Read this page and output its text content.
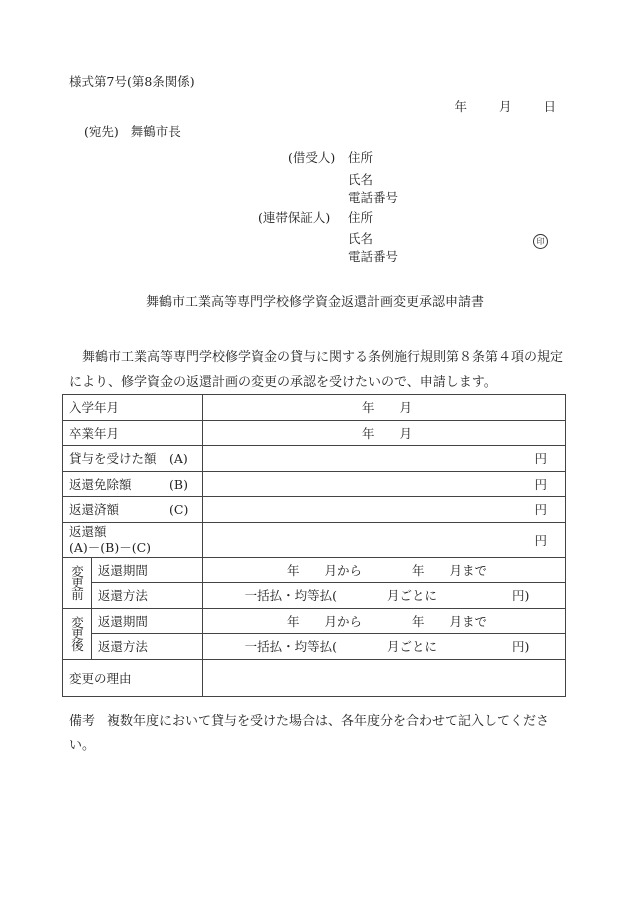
様式第7号(第8条関係)
年	月	日
(宛先) 舞鶴市長
(借受人) 住所
氏名
電話番号
(連帯保証人) 住所
氏名	印
電話番号
舞鶴市工業高等専門学校修学資金返還計画変更承認申請書
舞鶴市工業高等専門学校修学資金の貸与に関する条例施行規則第８条第４項の規定により、修学資金の返還計画の変更の承認を受けたいので、申請します。
入学年月		年　　月
卒業年月		年　　月
貸与を受けた額　(A)		円

返還免除額　　　(B)		円

返還済額　　　　(C)		円

返還額
(A)－(B)－(C)		円

変更前	返還期間	年　　月から　　　　年　　月まで
	返還方法	一括払・均等払(　　　　月ごとに　　　　　　円)

変更後	返還期間	年　　月から　　　　年　　月まで
	返還方法	一括払・均等払(　　　　月ごとに　　　　　　円)
変更の理由		
備考 複数年度において貸与を受けた場合は、各年度分を合わせて記入してください。
